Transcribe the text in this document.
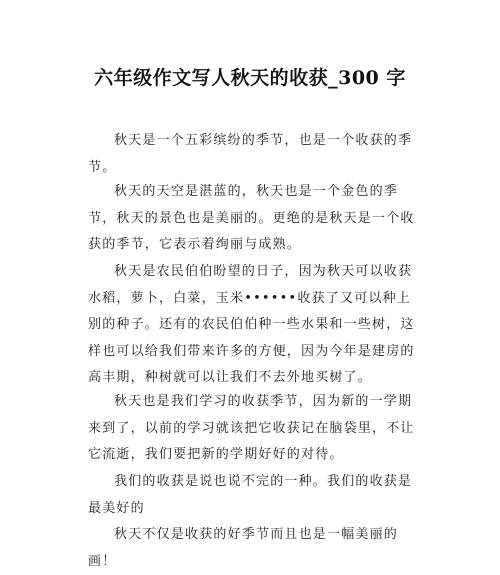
六年级作文写人秋天的收获_300 字
秋天是一个五彩缤纷的季节，也是一个收获的季节。
秋天的天空是湛蓝的，秋天也是一个金色的季节，秋天的景色也是美丽的。更绝的是秋天是一个收获的季节，它表示着绚丽与成熟。
秋天是农民伯伯盼望的日子，因为秋天可以收获水稻，萝卜，白菜，玉米••••••收获了又可以种上别的种子。还有的农民伯伯种一些水果和一些树，这样也可以给我们带来许多的方便，因为今年是建房的高丰期，种树就可以让我们不去外地买树了。
秋天也是我们学习的收获季节，因为新的一学期来到了，以前的学习就该把它收获记在脑袋里，不让它流逝，我们要把新的学期好好的对待。
我们的收获是说也说不完的一种。我们的收获是最美好的
秋天不仅是收获的好季节而且也是一幅美丽的画！
